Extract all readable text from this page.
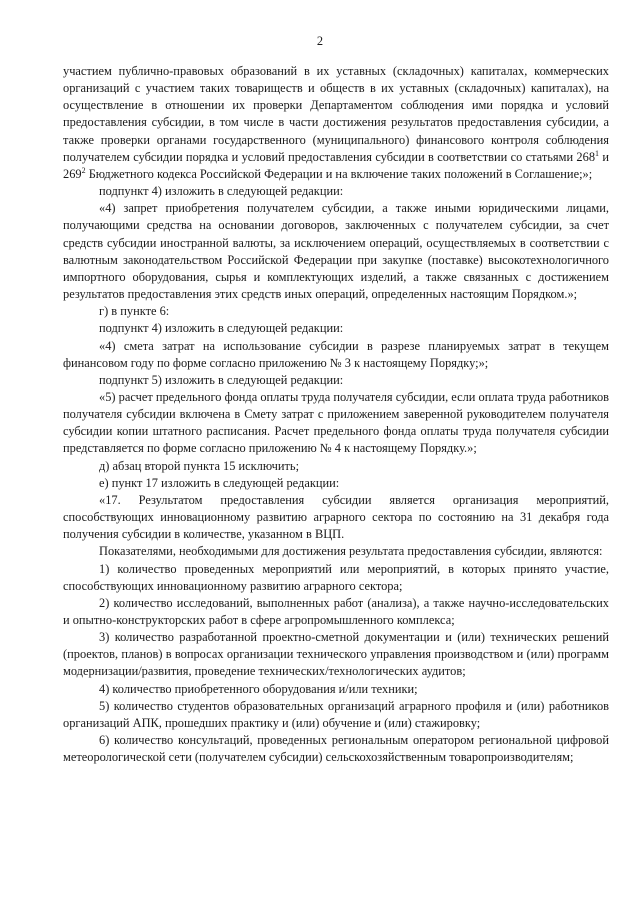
2

участием публично-правовых образований в их уставных (складочных) капиталах, коммерческих организаций с участием таких товариществ и обществ в их уставных (складочных) капиталах), на осуществление в отношении их проверки Департаментом соблюдения ими порядка и условий предоставления субсидии, в том числе в части достижения результатов предоставления субсидии, а также проверки органами государственного (муниципального) финансового контроля соблюдения получателем субсидии порядка и условий предоставления субсидии в соответствии со статьями $268^1$ и $269^2$ Бюджетного кодекса Российской Федерации и на включение таких положений в Соглашение;»;

подпункт 4) изложить в следующей редакции:

«4) запрет приобретения получателем субсидии, а также иными юридическими лицами, получающими средства на основании договоров, заключенных с получателем субсидии, за счет средств субсидии иностранной валюты, за исключением операций, осуществляемых в соответствии с валютным законодательством Российской Федерации при закупке (поставке) высокотехнологичного импортного оборудования, сырья и комплектующих изделий, а также связанных с достижением результатов предоставления этих средств иных операций, определенных настоящим Порядком.»;

г) в пункте 6:

подпункт 4) изложить в следующей редакции:

«4) смета затрат на использование субсидии в разрезе планируемых затрат в текущем финансовом году по форме согласно приложению № 3 к настоящему Порядку;»;

подпункт 5) изложить в следующей редакции:

«5) расчет предельного фонда оплаты труда получателя субсидии, если оплата труда работников получателя субсидии включена в Смету затрат с приложением заверенной руководителем получателя субсидии копии штатного расписания. Расчет предельного фонда оплаты труда получателя субсидии представляется по форме согласно приложению № 4 к настоящему Порядку.»;

д) абзац второй пункта 15 исключить;

е) пункт 17 изложить в следующей редакции:

«17. Результатом предоставления субсидии является организация мероприятий, способствующих инновационному развитию аграрного сектора по состоянию на 31 декабря года получения субсидии в количестве, указанном в ВЦП.

Показателями, необходимыми для достижения результата предоставления субсидии, являются:

1) количество проведенных мероприятий или мероприятий, в которых принято участие, способствующих инновационному развитию аграрного сектора;

2) количество исследований, выполненных работ (анализа), а также научно-исследовательских и опытно-конструкторских работ в сфере агропромышленного комплекса;

3) количество разработанной проектно-сметной документации и (или) технических решений (проектов, планов) в вопросах организации технического управления производством и (или) программ модернизации/развития, проведение технических/технологических аудитов;

4) количество приобретенного оборудования и/или техники;

5) количество студентов образовательных организаций аграрного профиля и (или) работников организаций АПК, прошедших практику и (или) обучение и (или) стажировку;

6) количество консультаций, проведенных региональным оператором региональной цифровой метеорологической сети (получателем субсидии) сельскохозяйственным товаропроизводителям;
